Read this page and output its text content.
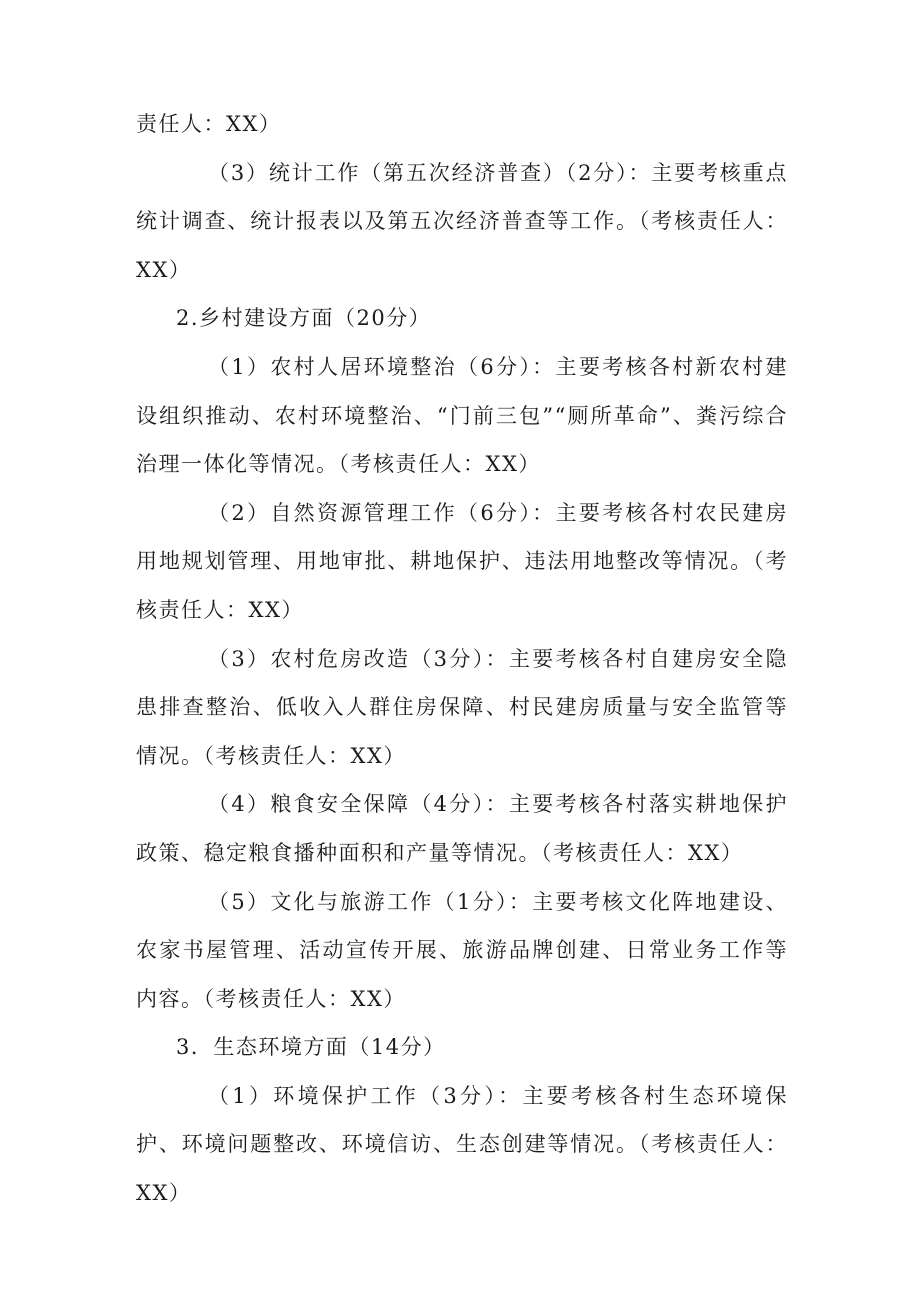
责任人：XX）

（3）统计工作（第五次经济普查）（2分）：主要考核重点统计调查、统计报表以及第五次经济普查等工作。（考核责任人：XX）

2.乡村建设方面（20分）

（1）农村人居环境整治（6分）：主要考核各村新农村建设组织推动、农村环境整治、“门前三包”“厕所革命”、粪污综合治理一体化等情况。（考核责任人：XX）

（2）自然资源管理工作（6分）：主要考核各村农民建房用地规划管理、用地审批、耕地保护、违法用地整改等情况。（考核责任人：XX）

（3）农村危房改造（3分）：主要考核各村自建房安全隐患排查整治、低收入人群住房保障、村民建房质量与安全监管等情况。（考核责任人：XX）

（4）粮食安全保障（4分）：主要考核各村落实耕地保护政策、稳定粮食播种面积和产量等情况。（考核责任人：XX）

（5）文化与旅游工作（1分）：主要考核文化阵地建设、农家书屋管理、活动宣传开展、旅游品牌创建、日常业务工作等内容。（考核责任人：XX）

3．生态环境方面（14分）

（1）环境保护工作（3分）：主要考核各村生态环境保护、环境问题整改、环境信访、生态创建等情况。（考核责任人：XX）
